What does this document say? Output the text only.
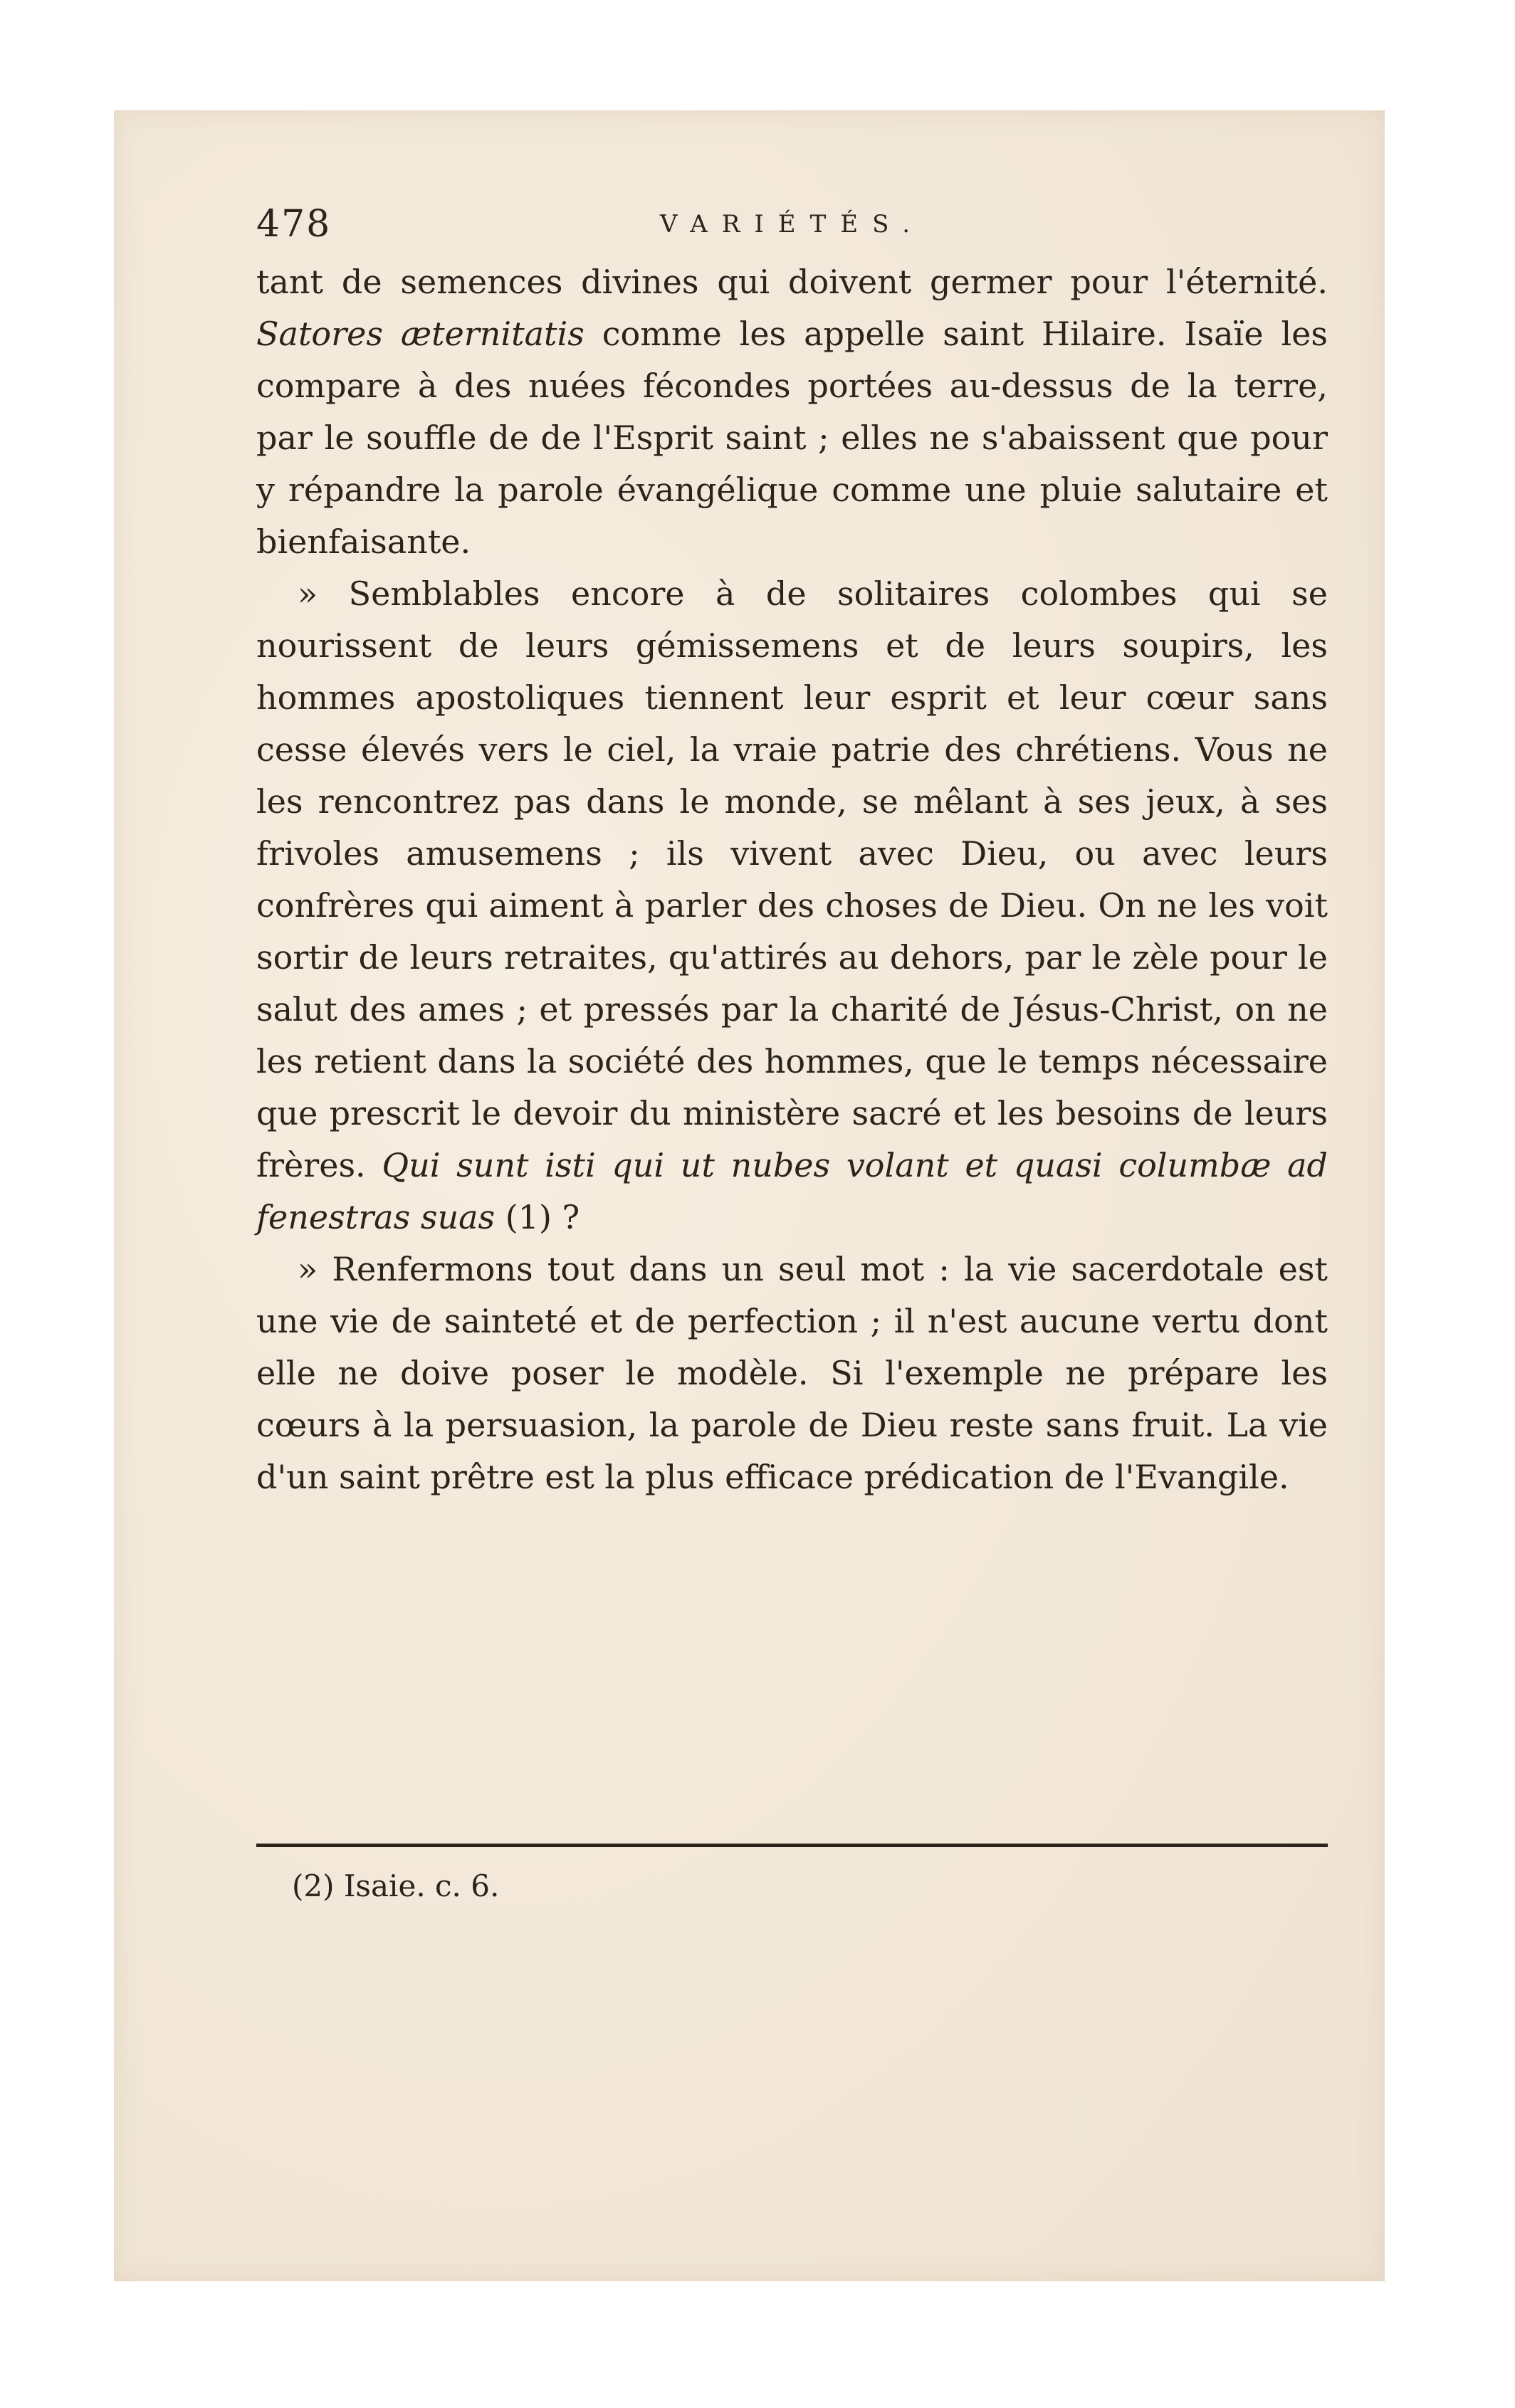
478	VARIÉTÉS.

tant de semences divines qui doivent germer pour l'éternité. Satores æternitatis comme les appelle saint Hilaire. Isaïe les compare à des nuées fécondes portées au-dessus de la terre, par le souffle de de l'Esprit saint ; elles ne s'abaissent que pour y répandre la parole évangélique comme une pluie salutaire et bienfaisante.

» Semblables encore à de solitaires colombes qui se nourissent de leurs gémissemens et de leurs soupirs, les hommes apostoliques tiennent leur esprit et leur cœur sans cesse élevés vers le ciel, la vraie patrie des chrétiens. Vous ne les rencontrez pas dans le monde, se mêlant à ses jeux, à ses frivoles amusemens ; ils vivent avec Dieu, ou avec leurs confrères qui aiment à parler des choses de Dieu. On ne les voit sortir de leurs retraites, qu'attirés au dehors, par le zèle pour le salut des ames ; et pressés par la charité de Jésus-Christ, on ne les retient dans la société des hommes, que le temps nécessaire que prescrit le devoir du ministère sacré et les besoins de leurs frères. Qui sunt isti qui ut nubes volant et quasi columbæ ad fenestras suas (1) ?

» Renfermons tout dans un seul mot : la vie sacerdotale est une vie de sainteté et de perfection ; il n'est aucune vertu dont elle ne doive poser le modèle. Si l'exemple ne prépare les cœurs à la persuasion, la parole de Dieu reste sans fruit. La vie d'un saint prêtre est la plus efficace prédication de l'Evangile.

(2) Isaie. c. 6.
